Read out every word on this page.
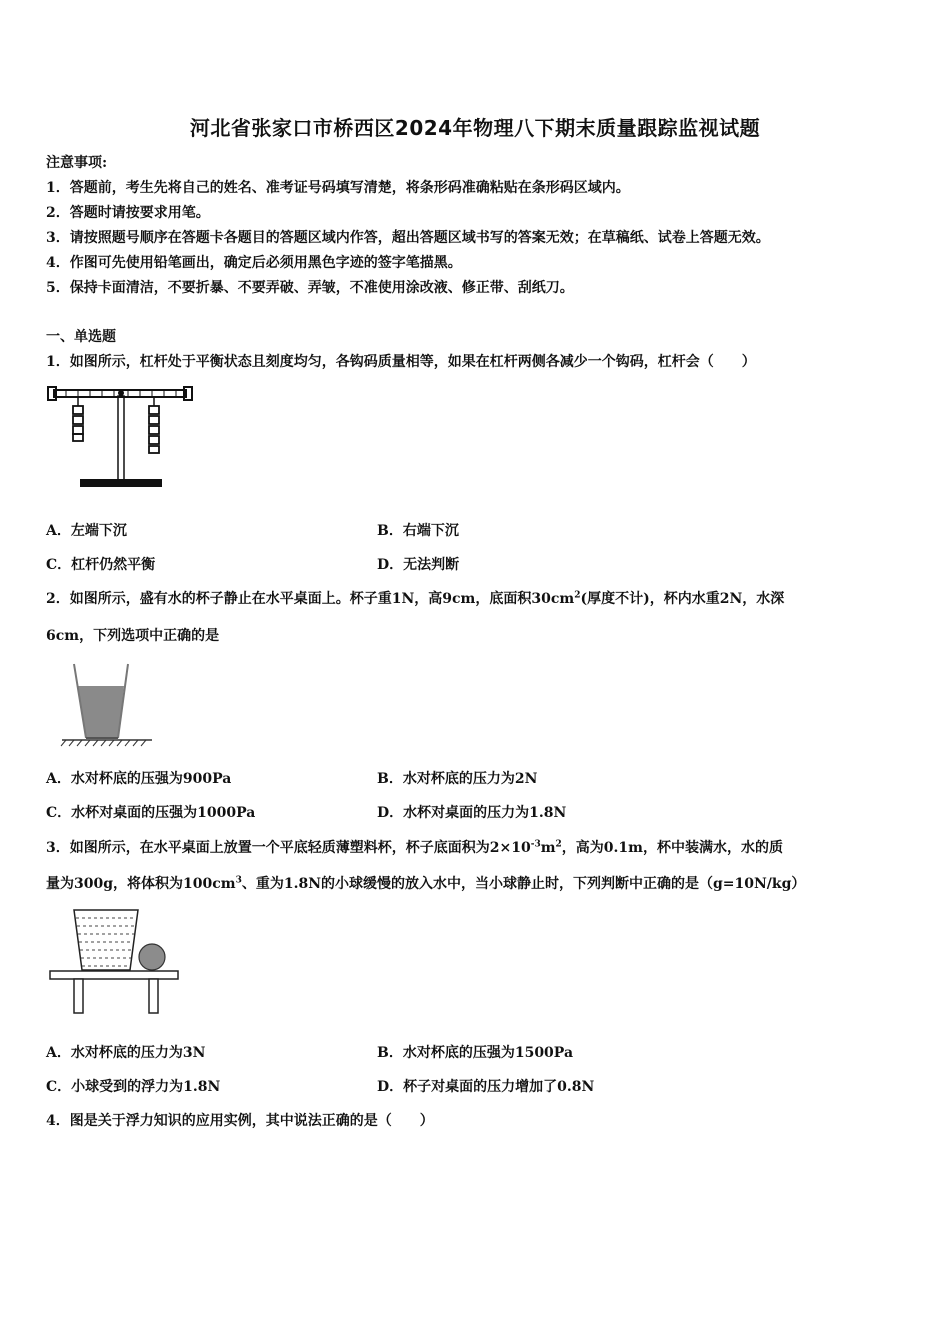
河北省张家口市桥西区2024年物理八下期末质量跟踪监视试题
注意事项:
1．答题前，考生先将自己的姓名、准考证号码填写清楚，将条形码准确粘贴在条形码区域内。
2．答题时请按要求用笔。
3．请按照题号顺序在答题卡各题目的答题区域内作答，超出答题区域书写的答案无效；在草稿纸、试卷上答题无效。
4．作图可先使用铅笔画出，确定后必须用黑色字迹的签字笔描黑。
5．保持卡面清洁，不要折暴、不要弄破、弄皱，不准使用涂改液、修正带、刮纸刀。
一、单选题
1．如图所示，杠杆处于平衡状态且刻度均匀，各钩码质量相等，如果在杠杆两侧各减少一个钩码，杠杆会（　　）
A．左端下沉	B．右端下沉
C．杠杆仍然平衡	D．无法判断
2．如图所示，盛有水的杯子静止在水平桌面上。杯子重1N，高9cm，底面积$30cm^2$(厚度不计)，杯内水重2N，水深
6cm，下列选项中正确的是
A．水对杯底的压强为900Pa	B．水对杯底的压力为2N
C．水杯对桌面的压强为1000Pa	D．水杯对桌面的压力为1.8N
3．如图所示，在水平桌面上放置一个平底轻质薄塑料杯，杯子底面积为$2\times 10^{-3}m^2$，高为0.1m，杯中装满水，水的质
量为300g，将体积为$100cm^3$、重为1.8N的小球缓慢的放入水中，当小球静止时，下列判断中正确的是（g=10N/kg）
A．水对杯底的压力为3N	B．水对杯底的压强为1500Pa
C．小球受到的浮力为1.8N	D．杯子对桌面的压力增加了0.8N
4．图是关于浮力知识的应用实例，其中说法正确的是（　　）
